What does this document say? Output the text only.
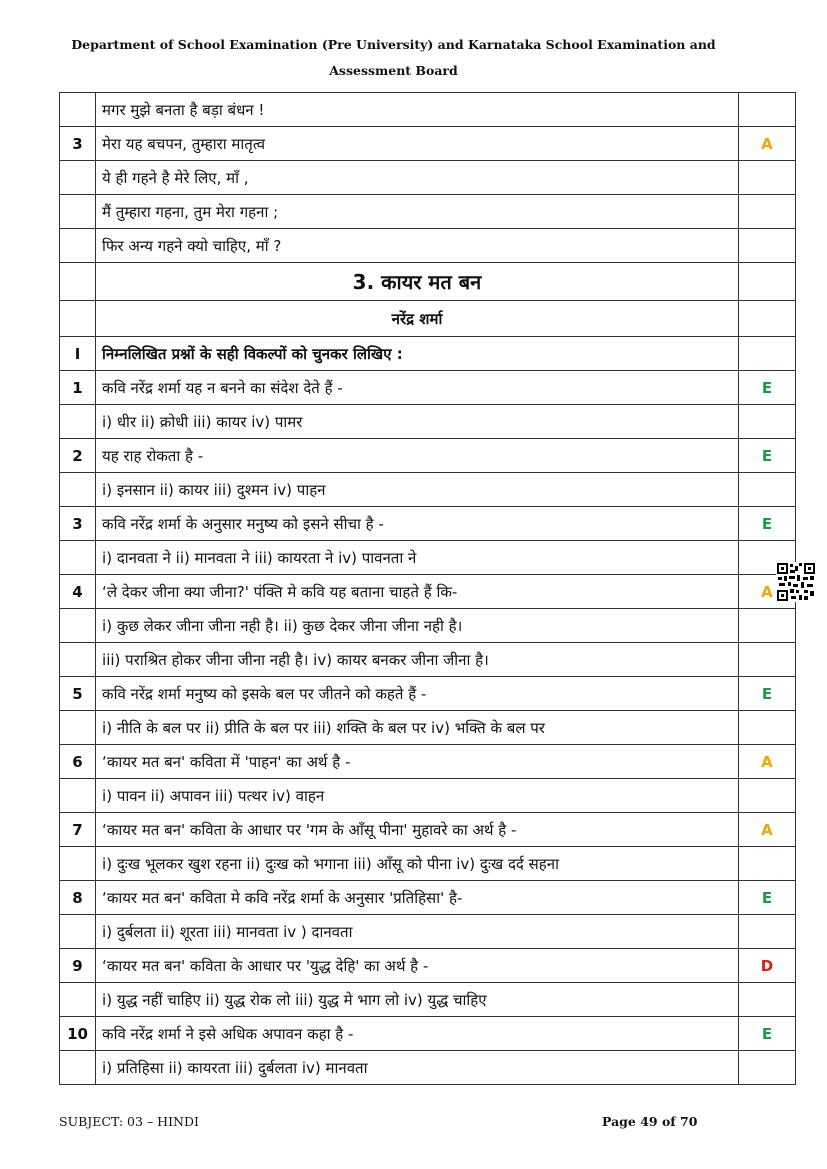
Department of School Examination (Pre University) and Karnataka School Examination and
Assessment Board
	मगर मुझे बनता है बड़ा बंधन !	
3	मेरा यह बचपन, तुम्हारा मातृत्व	A
	ये ही गहने है मेरे लिए, माँ ,	
	मैं तुम्हारा गहना, तुम मेरा गहना ;	
	फिर अन्य गहने क्यो चाहिए, माँ ?	
	3. कायर मत बन	
	नरेंद्र शर्मा	
I	निम्नलिखित प्रश्नों के सही विकल्पों को चुनकर लिखिए :	
1	कवि नरेंद्र शर्मा यह न बनने का संदेश देते हैं -	E
	i) धीर ii) क्रोधी iii) कायर iv) पामर	
2	यह राह रोकता है -	E
	i) इनसान ii) कायर iii) दुश्मन iv) पाहन	
3	कवि नरेंद्र शर्मा के अनुसार मनुष्य को इसने सीचा है -	E
	i) दानवता ने ii) मानवता ने iii) कायरता ने iv) पावनता ने	
4	‘ले देकर जीना क्या जीना?' पंक्ति मे कवि यह बताना चाहते हैं कि-	A
	i) कुछ लेकर जीना जीना नही है। ii) कुछ देकर जीना जीना नही है।	
	iii) पराश्रित होकर जीना जीना नही है। iv) कायर बनकर जीना जीना है।	
5	कवि नरेंद्र शर्मा मनुष्य को इसके बल पर जीतने को कहते हैं -	E
	i) नीति के बल पर ii) प्रीति के बल पर iii) शक्ति के बल पर iv) भक्ति के बल पर	
6	‘कायर मत बन' कविता में 'पाहन' का अर्थ है -	A
	i) पावन ii) अपावन iii) पत्थर iv) वाहन	
7	‘कायर मत बन' कविता के आधार पर 'गम के आँसू पीना' मुहावरे का अर्थ है -	A
	i) दुःख भूलकर खुश रहना ii) दुःख को भगाना iii) आँसू को पीना iv) दुःख दर्द सहना	
8	‘कायर मत बन' कविता मे कवि नरेंद्र शर्मा के अनुसार 'प्रतिहिसा' है-	E
	i) दुर्बलता ii) शूरता iii) मानवता iv ) दानवता	
9	‘कायर मत बन' कविता के आधार पर 'युद्ध देहि' का अर्थ है -	D
	i) युद्ध नहीं चाहिए ii) युद्ध रोक लो iii) युद्ध मे भाग लो iv) युद्ध चाहिए	
10	कवि नरेंद्र शर्मा ने इसे अधिक अपावन कहा है -	E
	i) प्रतिहिसा ii) कायरता iii) दुर्बलता iv) मानवता	
SUBJECT: 03 – HINDI	Page 49 of 70
